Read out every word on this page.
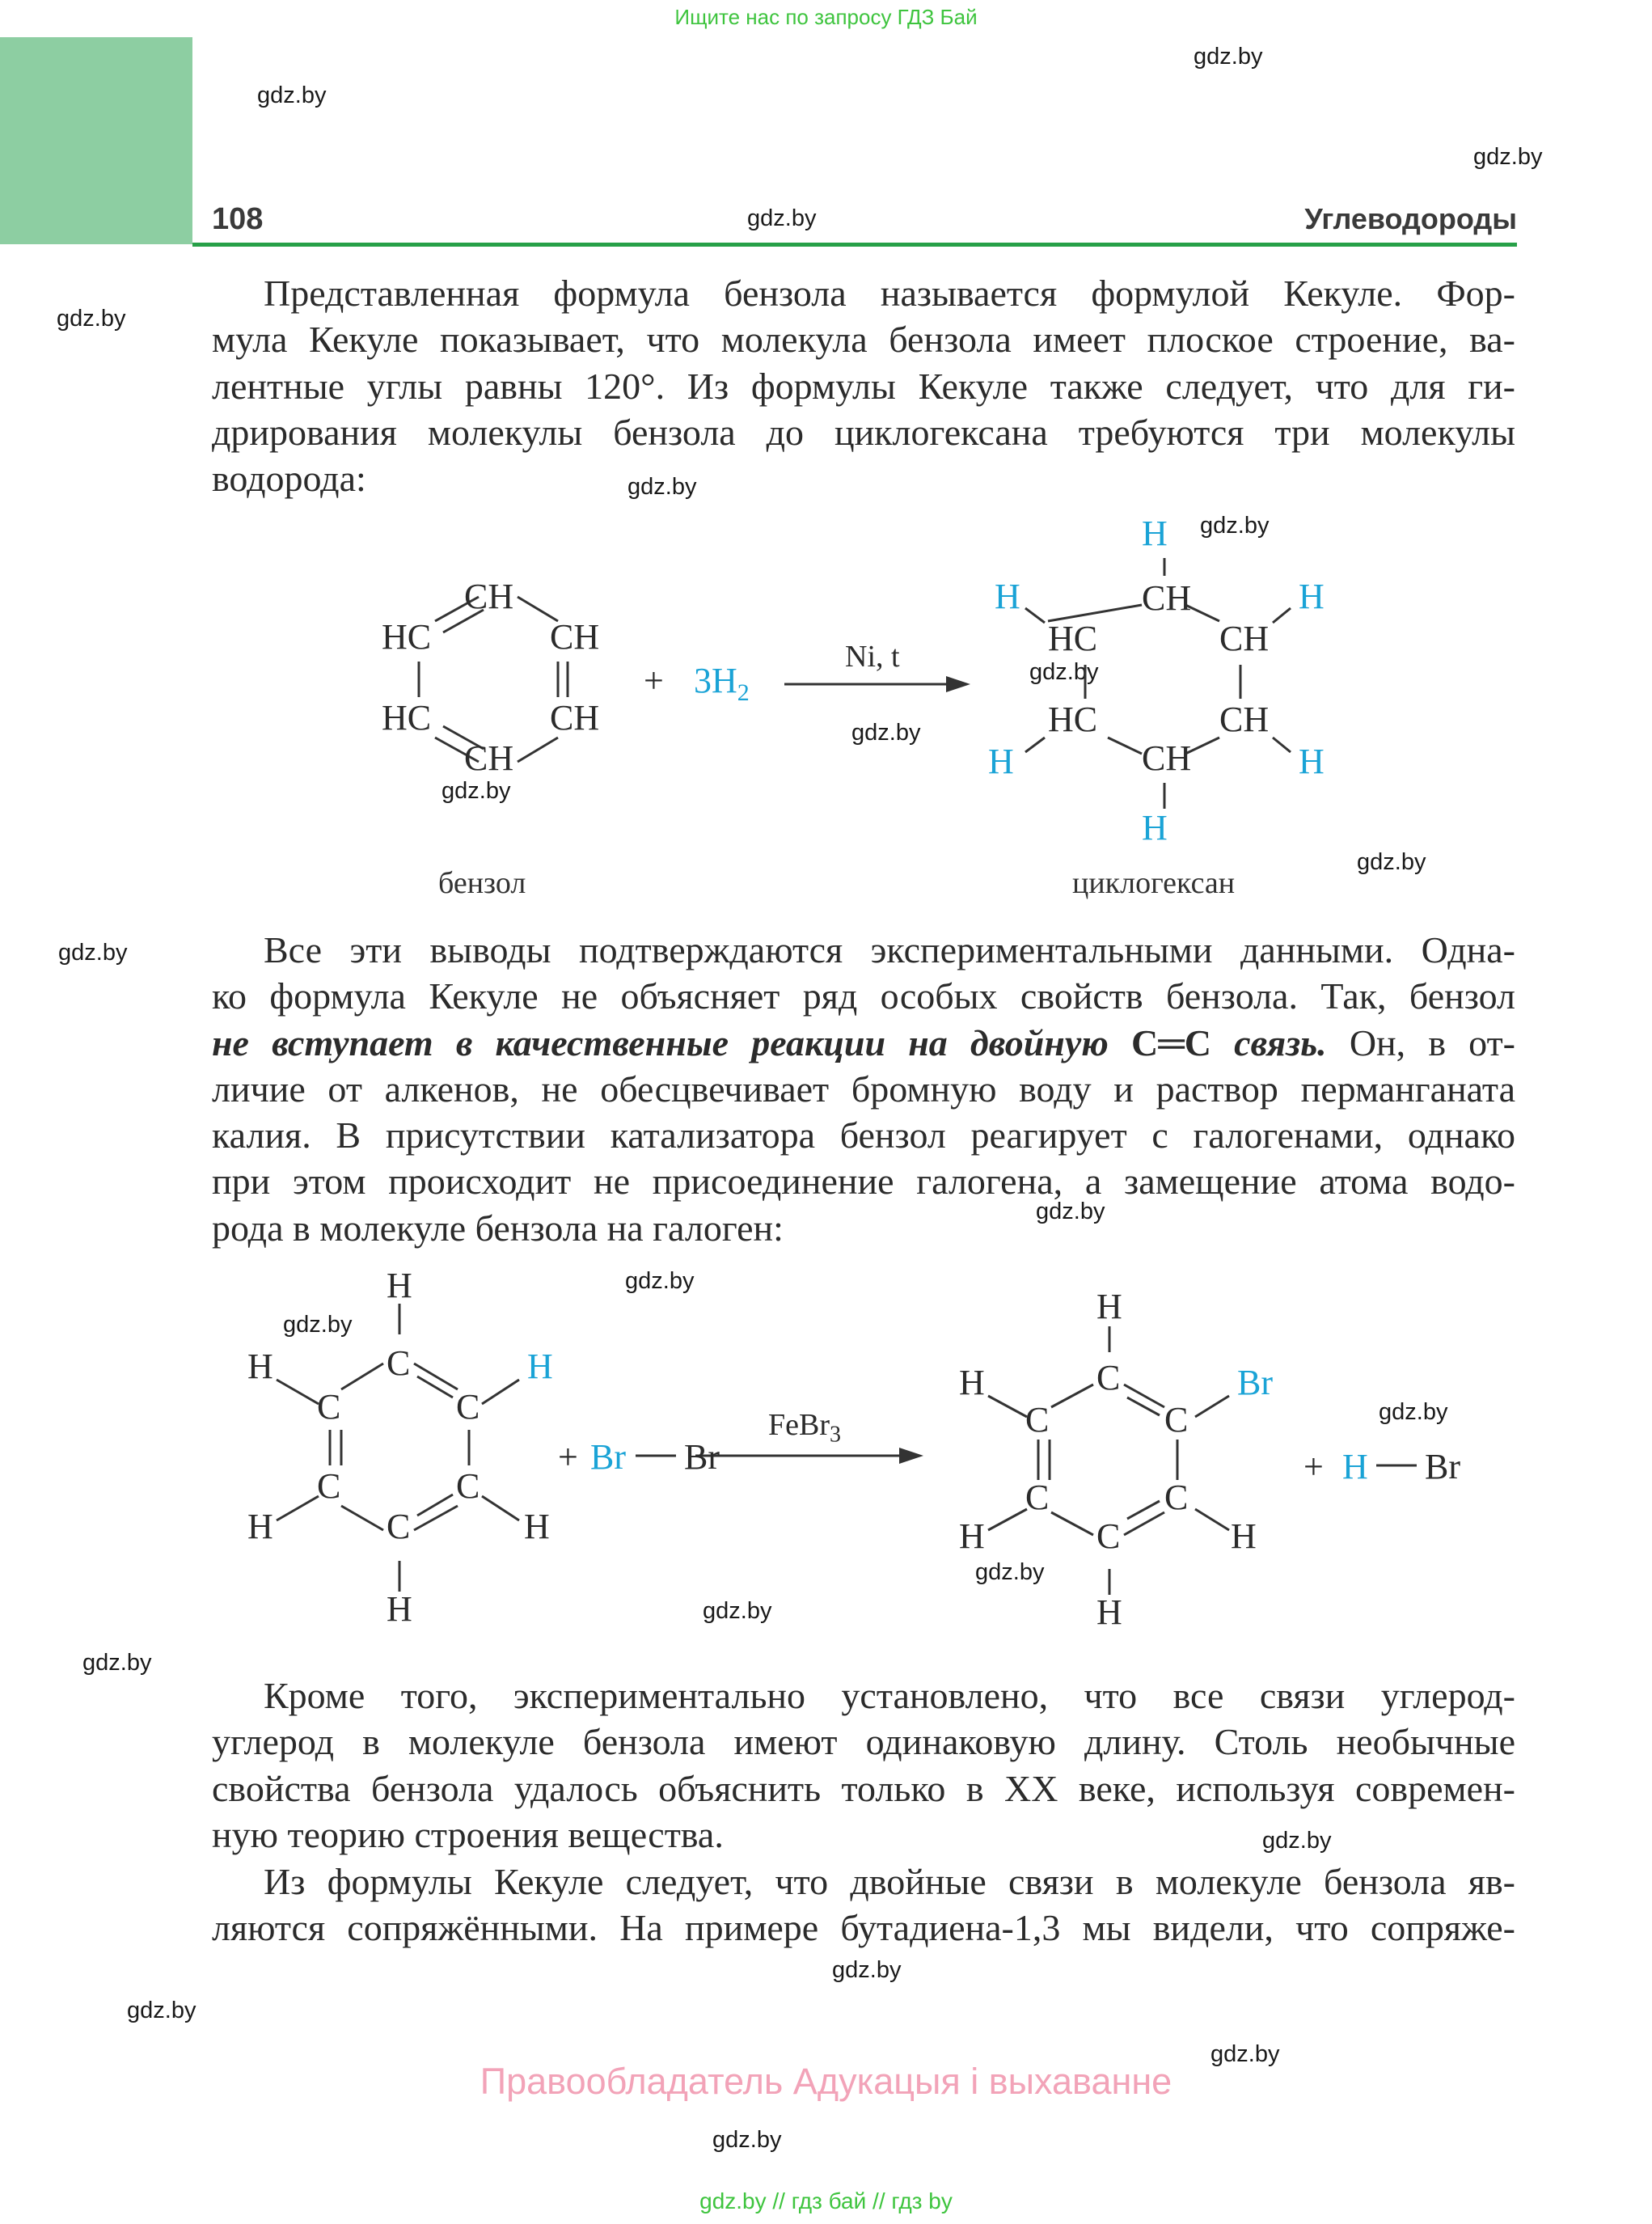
Ищите нас по запросу ГДЗ Бай
108	Углеводороды
gdz.by
gdz.by
gdz.by
gdz.by
gdz.by
gdz.by
gdz.by
gdz.by
gdz.by
gdz.by
gdz.by
gdz.by
gdz.by
gdz.by
gdz.by
gdz.by
gdz.by
gdz.by
gdz.by
gdz.by
gdz.by
gdz.by
gdz.by
gdz.by
Представленная формула бензола называется формулой Кекуле. Фор-
мула Кекуле показывает, что молекула бензола имеет плоское строение, ва-
лентные углы равны 120°. Из формулы Кекуле также следует, что для ги-
дрирования молекулы бензола до циклогексана требуются три молекулы
водорода:
CH
HC	CH
HC
CH
CH
+ $3H_2$
Ni, t
H
CH
H	H
HC	CH
HC	CH
H	H
CH
H
бензол	циклогексан
Все эти выводы подтверждаются экспериментальными данными. Одна-
ко формула Кекуле не объясняет ряд особых свойств бензола. Так, бензол
не вступает в качественные реакции на двойную С═С связь. Он, в от-
личие от алкенов, не обесцвечивает бромную воду и раствор перманганата
калия. В присутствии катализатора бензол реагирует с галогенами, однако
при этом происходит не присоединение галогена, а замещение атома водо-
рода в молекуле бензола на галоген:
H
C
H	H
C	C
C	C
H	H
C
H
+ Br Br
FeBr$_3$
H
C
H	Br
C	C
C	C
H	H
C
H
+ H Br
Кроме того, экспериментально установлено, что все связи углерод-
углерод в молекуле бензола имеют одинаковую длину. Столь необычные
свойства бензола удалось объяснить только в XX веке, используя современ-
ную теорию строения вещества.
Из формулы Кекуле следует, что двойные связи в молекуле бензола яв-
ляются сопряжёнными. На примере бутадиена-1,3 мы видели, что сопряже-
Правообладатель Адукацыя і выхаванне
gdz.by // гдз бай // гдз by
